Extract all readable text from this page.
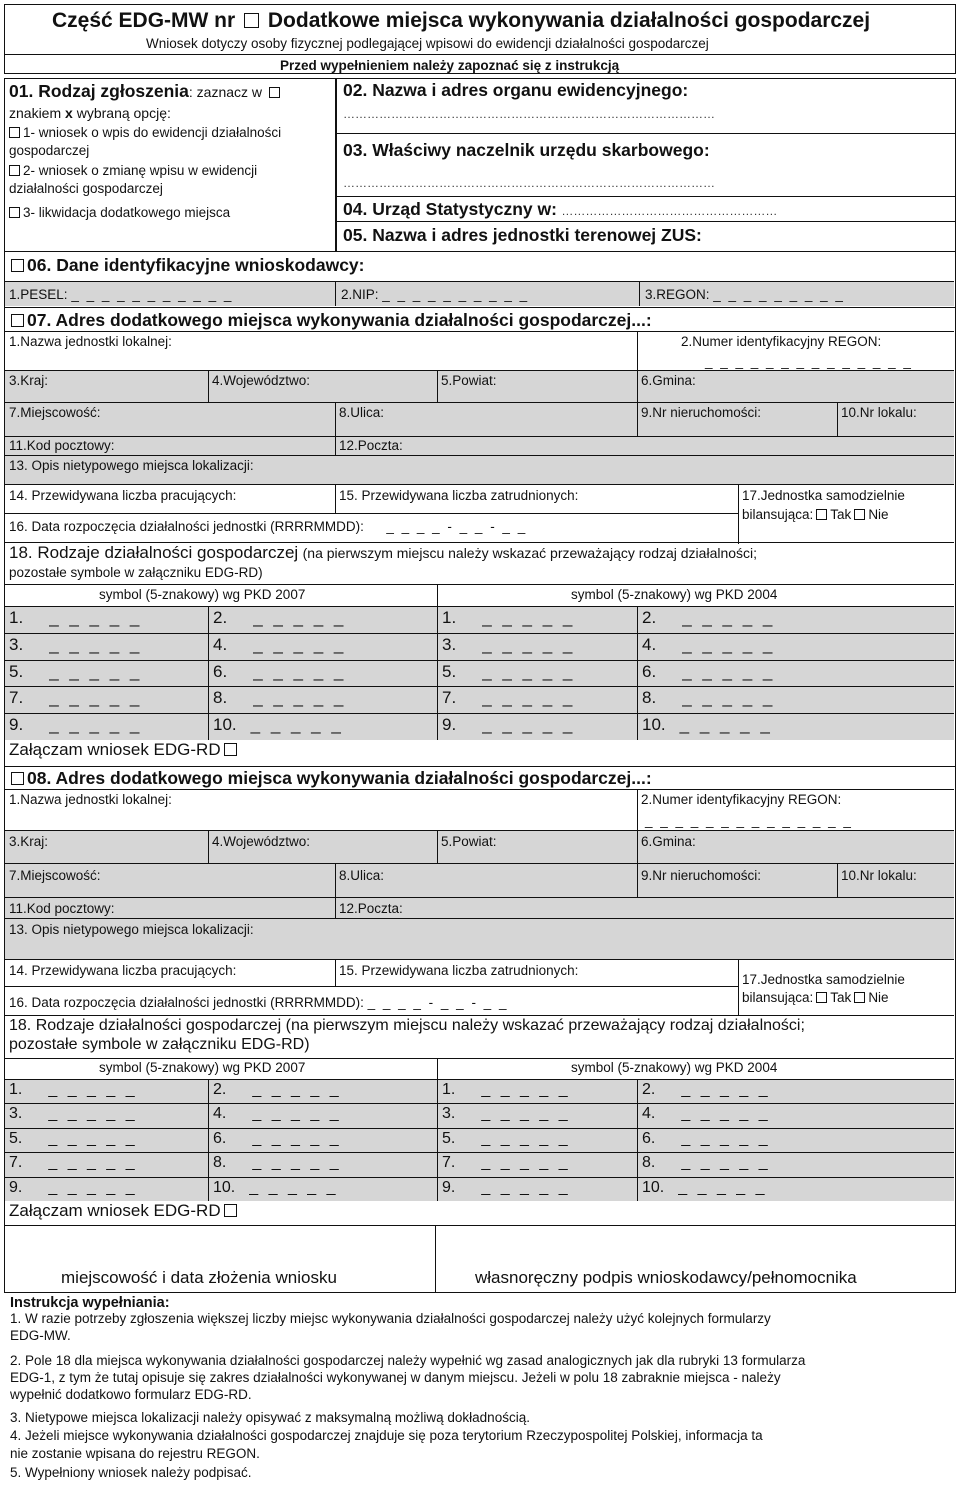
Część EDG-MW nr Dodatkowe miejsca wykonywania działalności gospodarczej
Wniosek dotyczy osoby fizycznej podlegającej wpisowi do ewidencji działalności gospodarczej
Przed wypełnieniem należy zapoznać się z instrukcją
01. Rodzaj zgłoszenia: zaznacz w
znakiem x wybraną opcję:
1- wniosek o wpis do ewidencji działalności
gospodarczej
2- wniosek o zmianę wpisu w ewidencji
działalności gospodarczej
3- likwidacja dodatkowego miejsca
02. Nazwa i adres organu ewidencyjnego:
…………………………………………………………………………………
03. Właściwy naczelnik urzędu skarbowego:
…………………………………………………………………………………
04. Urząd Statystyczny w: ………………………………………………
05. Nazwa i adres jednostki terenowej ZUS:
06. Dane identyfikacyjne wnioskodawcy:
1.PESEL: _ _ _ _ _ _ _ _ _ _ _	2.NIP: _ _ _ _ _ _ _ _ _ _	3.REGON: _ _ _ _ _ _ _ _ _
07. Adres dodatkowego miejsca wykonywania działalności gospodarczej...:
1.Nazwa jednostki lokalnej:	2.Numer identyfikacyjny REGON:
_ _ _ _ _ _ _ _ _ _ _ _ _ _
3.Kraj:	4.Województwo:	5.Powiat:	6.Gmina:
7.Miejscowość:	8.Ulica:	9.Nr nieruchomości:	10.Nr lokalu:
11.Kod pocztowy:	12.Poczta:
13. Opis nietypowego miejsca lokalizacji:
14. Przewidywana liczba pracujących:	15. Przewidywana liczba zatrudnionych:	17.Jednostka samodzielnie
bilansująca: Tak Nie
16. Data rozpoczęcia działalności jednostki (RRRRMMDD): _ _ _ _ - _ _ - _ _
18. Rodzaje działalności gospodarczej (na pierwszym miejscu należy wskazać przeważający rodzaj działalności;
pozostałe symbole w załączniku EDG-RD)
symbol (5-znakowy) wg PKD 2007	symbol (5-znakowy) wg PKD 2004
1. _ _ _ _ _	2. _ _ _ _ _	1. _ _ _ _ _	2. _ _ _ _ _
3. _ _ _ _ _	4. _ _ _ _ _	3. _ _ _ _ _	4. _ _ _ _ _
5. _ _ _ _ _	6. _ _ _ _ _	5. _ _ _ _ _	6. _ _ _ _ _
7. _ _ _ _ _	8. _ _ _ _ _	7. _ _ _ _ _	8. _ _ _ _ _
9. _ _ _ _ _	10. _ _ _ _ _	9. _ _ _ _ _	10. _ _ _ _ _
Załączam wniosek EDG-RD
08. Adres dodatkowego miejsca wykonywania działalności gospodarczej...:
1.Nazwa jednostki lokalnej:	2.Numer identyfikacyjny REGON:
_ _ _ _ _ _ _ _ _ _ _ _ _ _
3.Kraj:	4.Województwo:	5.Powiat:	6.Gmina:
7.Miejscowość:	8.Ulica:	9.Nr nieruchomości:	10.Nr lokalu:
11.Kod pocztowy:	12.Poczta:
13. Opis nietypowego miejsca lokalizacji:
14. Przewidywana liczba pracujących:	15. Przewidywana liczba zatrudnionych:
17.Jednostka samodzielnie
bilansująca: Tak Nie
16. Data rozpoczęcia działalności jednostki (RRRRMMDD): _ _ _ _ - _ _ - _ _
18. Rodzaje działalności gospodarczej (na pierwszym miejscu należy wskazać przeważający rodzaj działalności;
pozostałe symbole w załączniku EDG-RD)
symbol (5-znakowy) wg PKD 2007	symbol (5-znakowy) wg PKD 2004
1. _ _ _ _ _	2. _ _ _ _ _	1. _ _ _ _ _	2. _ _ _ _ _
3. _ _ _ _ _	4. _ _ _ _ _	3. _ _ _ _ _	4. _ _ _ _ _
5. _ _ _ _ _	6. _ _ _ _ _	5. _ _ _ _ _	6. _ _ _ _ _
7. _ _ _ _ _	8. _ _ _ _ _	7. _ _ _ _ _	8. _ _ _ _ _
9. _ _ _ _ _	10. _ _ _ _ _	9. _ _ _ _ _	10. _ _ _ _ _
Załączam wniosek EDG-RD
miejscowość i data złożenia wniosku	własnoręczny podpis wnioskodawcy/pełnomocnika
Instrukcja wypełniania:
1. W razie potrzeby zgłoszenia większej liczby miejsc wykonywania działalności gospodarczej należy użyć kolejnych formularzy
EDG-MW.
2. Pole 18 dla miejsca wykonywania działalności gospodarczej należy wypełnić wg zasad analogicznych jak dla rubryki 13 formularza
EDG-1, z tym że tutaj opisuje się zakres działalności wykonywanej w danym miejscu. Jeżeli w polu 18 zabraknie miejsca - należy
wypełnić dodatkowo formularz EDG-RD.
3. Nietypowe miejsca lokalizacji należy opisywać z maksymalną możliwą dokładnością.
4. Jeżeli miejsce wykonywania działalności gospodarczej znajduje się poza terytorium Rzeczypospolitej Polskiej, informacja ta
nie zostanie wpisana do rejestru REGON.
5. Wypełniony wniosek należy podpisać.
